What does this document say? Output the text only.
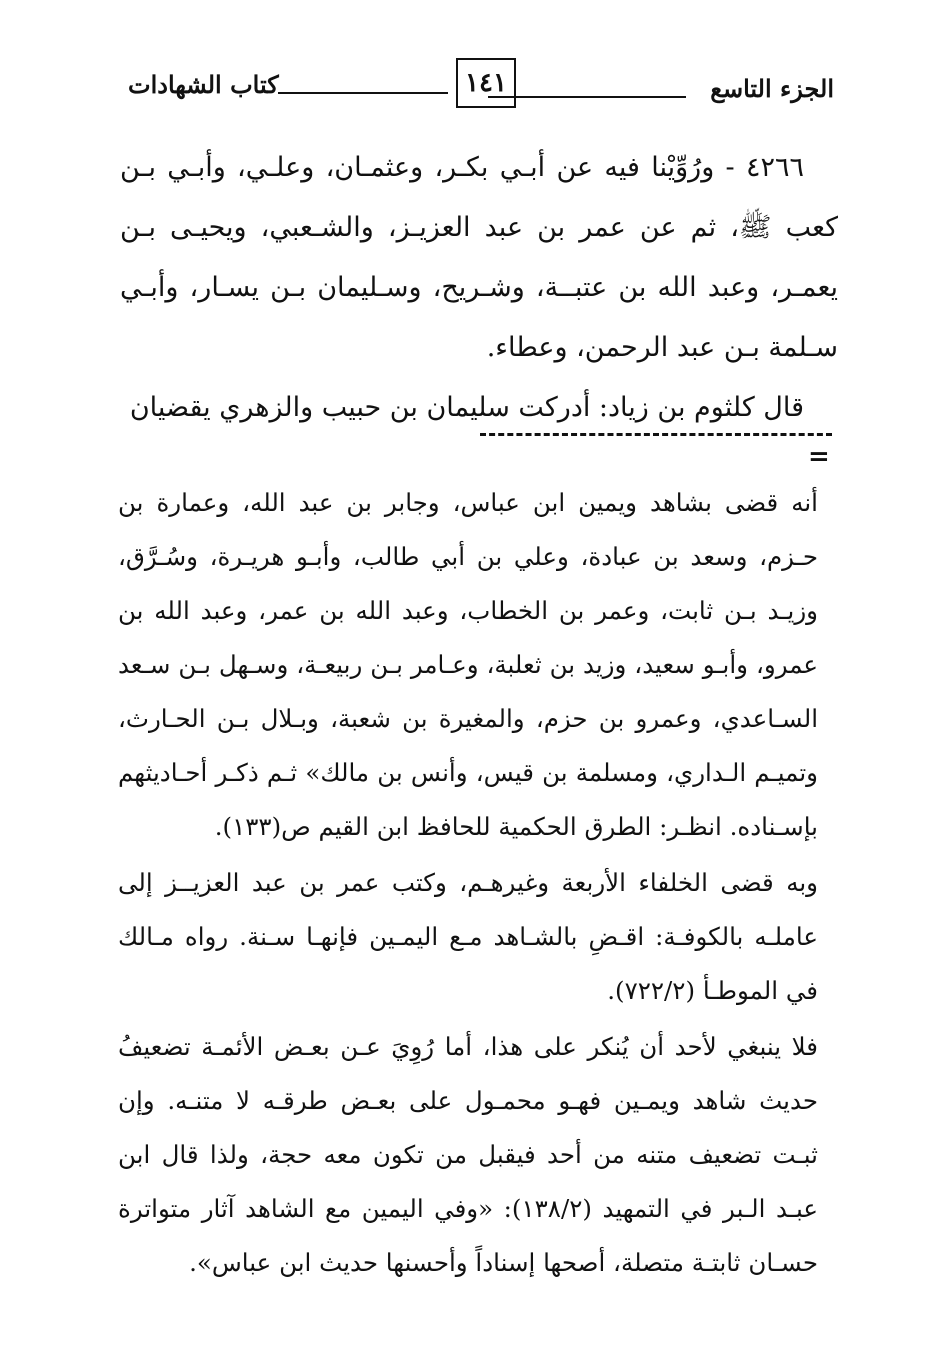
الجزء التاسع
١٤١
كتاب الشهادات

٤٢٦٦ - ورُوِّيْنا فيه عن أبـي بكـر، وعثمـان، وعلـي، وأبـي بـن كعب ﷺ، ثم عن عمر بن عبد العزيـز، والشـعبي، ويحيـى بـن يعمـر، وعبد الله بن عتبــة، وشـريح، وسـليمان بـن يسـار، وأبـي سـلمة بـن عبد الرحمن، وعطاء.

قال كلثوم بن زياد: أدركت سليمان بن حبيب والزهري يقضيان

=

أنه قضى بشاهد ويمين ابن عباس، وجابر بن عبد الله، وعمارة بن حـزم، وسعد بن عبادة، وعلي بن أبي طالب، وأبـو هريـرة، وسُـرَّق، وزيـد بـن ثابت، وعمر بن الخطاب، وعبد الله بن عمر، وعبد الله بن عمرو، وأبـو سعيد، وزيد بن ثعلبة، وعـامر بـن ربيعـة، وسـهل بـن سـعد السـاعدي، وعمرو بن حزم، والمغيرة بن شعبة، وبـلال بـن الحـارث، وتميـم الـداري، ومسلمة بن قيس، وأنس بن مالك» ثـم ذكـر أحـاديثهم بإسـناده. انظـر: الطرق الحكمية للحافظ ابن القيم ص(١٣٣).

وبه قضى الخلفاء الأربعة وغيرهـم، وكتب عمر بن عبد العزيــز إلى عاملـه بالكوفـة: اقـضِ بالشـاهد مـع اليمـين فإنهـا سـنة. رواه مـالك في الموطـأ (٧٢٢/٢).

فلا ينبغي لأحد أن يُنكر على هذا، أما رُوِيَ عـن بعـض الأئمـة تضعيفُ حديث شاهد ويمـين فهـو محمـول على بعـض طرقـه لا متنـه. وإن ثبـت تضعيف متنه من أحد فيقبل من تكون معه حجة، ولذا قال ابن عبـد الـبر في التمهيد (١٣٨/٢): «وفي اليمين مع الشاهد آثار متواترة حسـان ثابتـة متصلة، أصحها إسناداً وأحسنها حديث ابن عباس».
